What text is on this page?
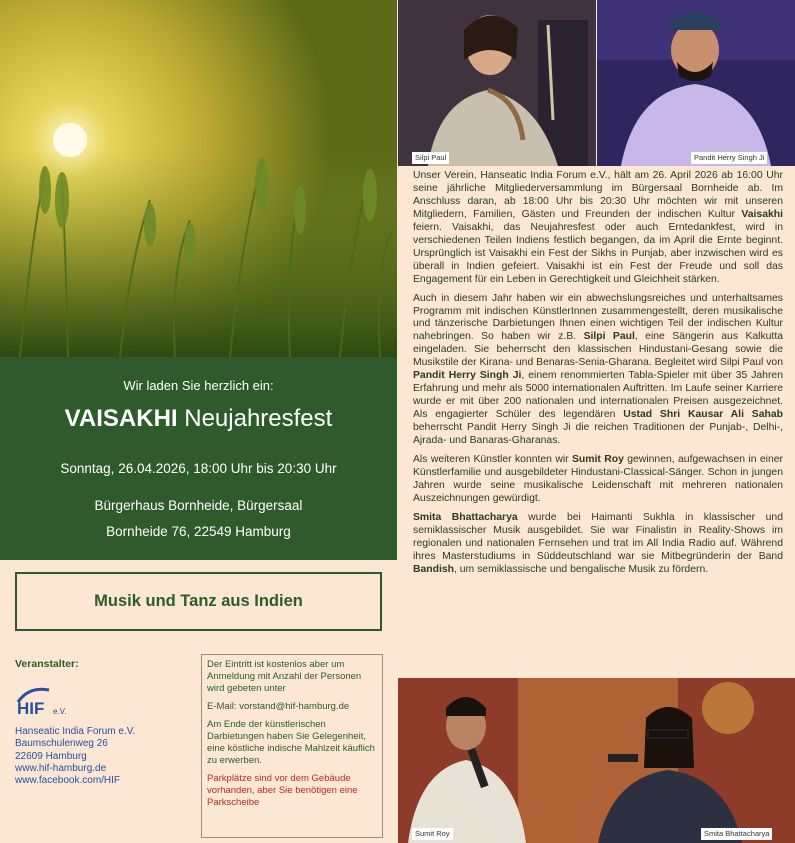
Wir laden Sie herzlich ein:
VAISAKHI Neujahresfest
Sonntag, 26.04.2026, 18:00 Uhr bis 20:30 Uhr
Bürgerhaus Bornheide, Bürgersaal
Bornheide 76, 22549 Hamburg
Musik und Tanz aus Indien
Veranstalter:
HIF e.V.
Hanseatic India Forum e.V.
Baumschulenweg 26
22609 Hamburg
www.hif-hamburg.de
www.facebook.com/HIF

Der Eintritt ist kostenlos aber um Anmeldung mit Anzahl der Personen wird gebeten unter

E-Mail: vorstand@hif-hamburg.de

Am Ende der künstlerischen Darbietungen haben Sie Gelegenheit, eine köstliche indische Mahlzeit käuflich zu erwerben.

Parkplätze sind vor dem Gebäude vorhanden, aber Sie benötigen eine Parkscheibe

Silpi Paul	Pandit Herry Singh Ji

Unser Verein, Hanseatic India Forum e.V., hält am 26. April 2026 ab 16:00 Uhr seine jährliche Mitgliederversammlung im Bürgersaal Bornheide ab. Im Anschluss daran, ab 18:00 Uhr bis 20:30 Uhr möchten wir mit unseren Mitgliedern, Familien, Gästen und Freunden der indischen Kultur Vaisakhi feiern. Vaisakhi, das Neujahresfest oder auch Erntedankfest, wird in verschiedenen Teilen Indiens festlich begangen, da im April die Ernte beginnt. Ursprünglich ist Vaisakhi ein Fest der Sikhs in Punjab, aber inzwischen wird es überall in Indien gefeiert. Vaisakhi ist ein Fest der Freude und soll das Engagement für ein Leben in Gerechtigkeit und Gleichheit stärken.

Auch in diesem Jahr haben wir ein abwechslungsreiches und unterhaltsames Programm mit indischen KünstlerInnen zusammengestellt, deren musikalische und tänzerische Darbietungen Ihnen einen wichtigen Teil der indischen Kultur nahebringen. So haben wir z.B. Silpi Paul, eine Sängerin aus Kalkutta eingeladen. Sie beherrscht den klassischen Hindustani-Gesang sowie die Musikstile der Kirana- und Benaras-Senia-Gharana. Begleitet wird Silpi Paul von Pandit Herry Singh Ji, einem renommierten Tabla-Spieler mit über 35 Jahren Erfahrung und mehr als 5000 internationalen Auftritten. Im Laufe seiner Karriere wurde er mit über 200 nationalen und internationalen Preisen ausgezeichnet. Als engagierter Schüler des legendären Ustad Shri Kausar Ali Sahab beherrscht Pandit Herry Singh Ji die reichen Traditionen der Punjab-, Delhi-, Ajrada- und Banaras-Gharanas.

Als weiteren Künstler konnten wir Sumit Roy gewinnen, aufgewachsen in einer Künstlerfamilie und ausgebildeter Hindustani-Classical-Sänger. Schon in jungen Jahren wurde seine musikalische Leidenschaft mit mehreren nationalen Auszeichnungen gewürdigt.

Smita Bhattacharya wurde bei Haimanti Sukhla in klassischer und semiklassischer Musik ausgebildet. Sie war Finalistin in Reality-Shows im regionalen und nationalen Fernsehen und trat im All India Radio auf. Während ihres Masterstudiums in Süddeutschland war sie Mitbegründerin der Band Bandish, um semiklassische und bengalische Musik zu fördern.

Sumit Roy	Smita Bhattacharya
